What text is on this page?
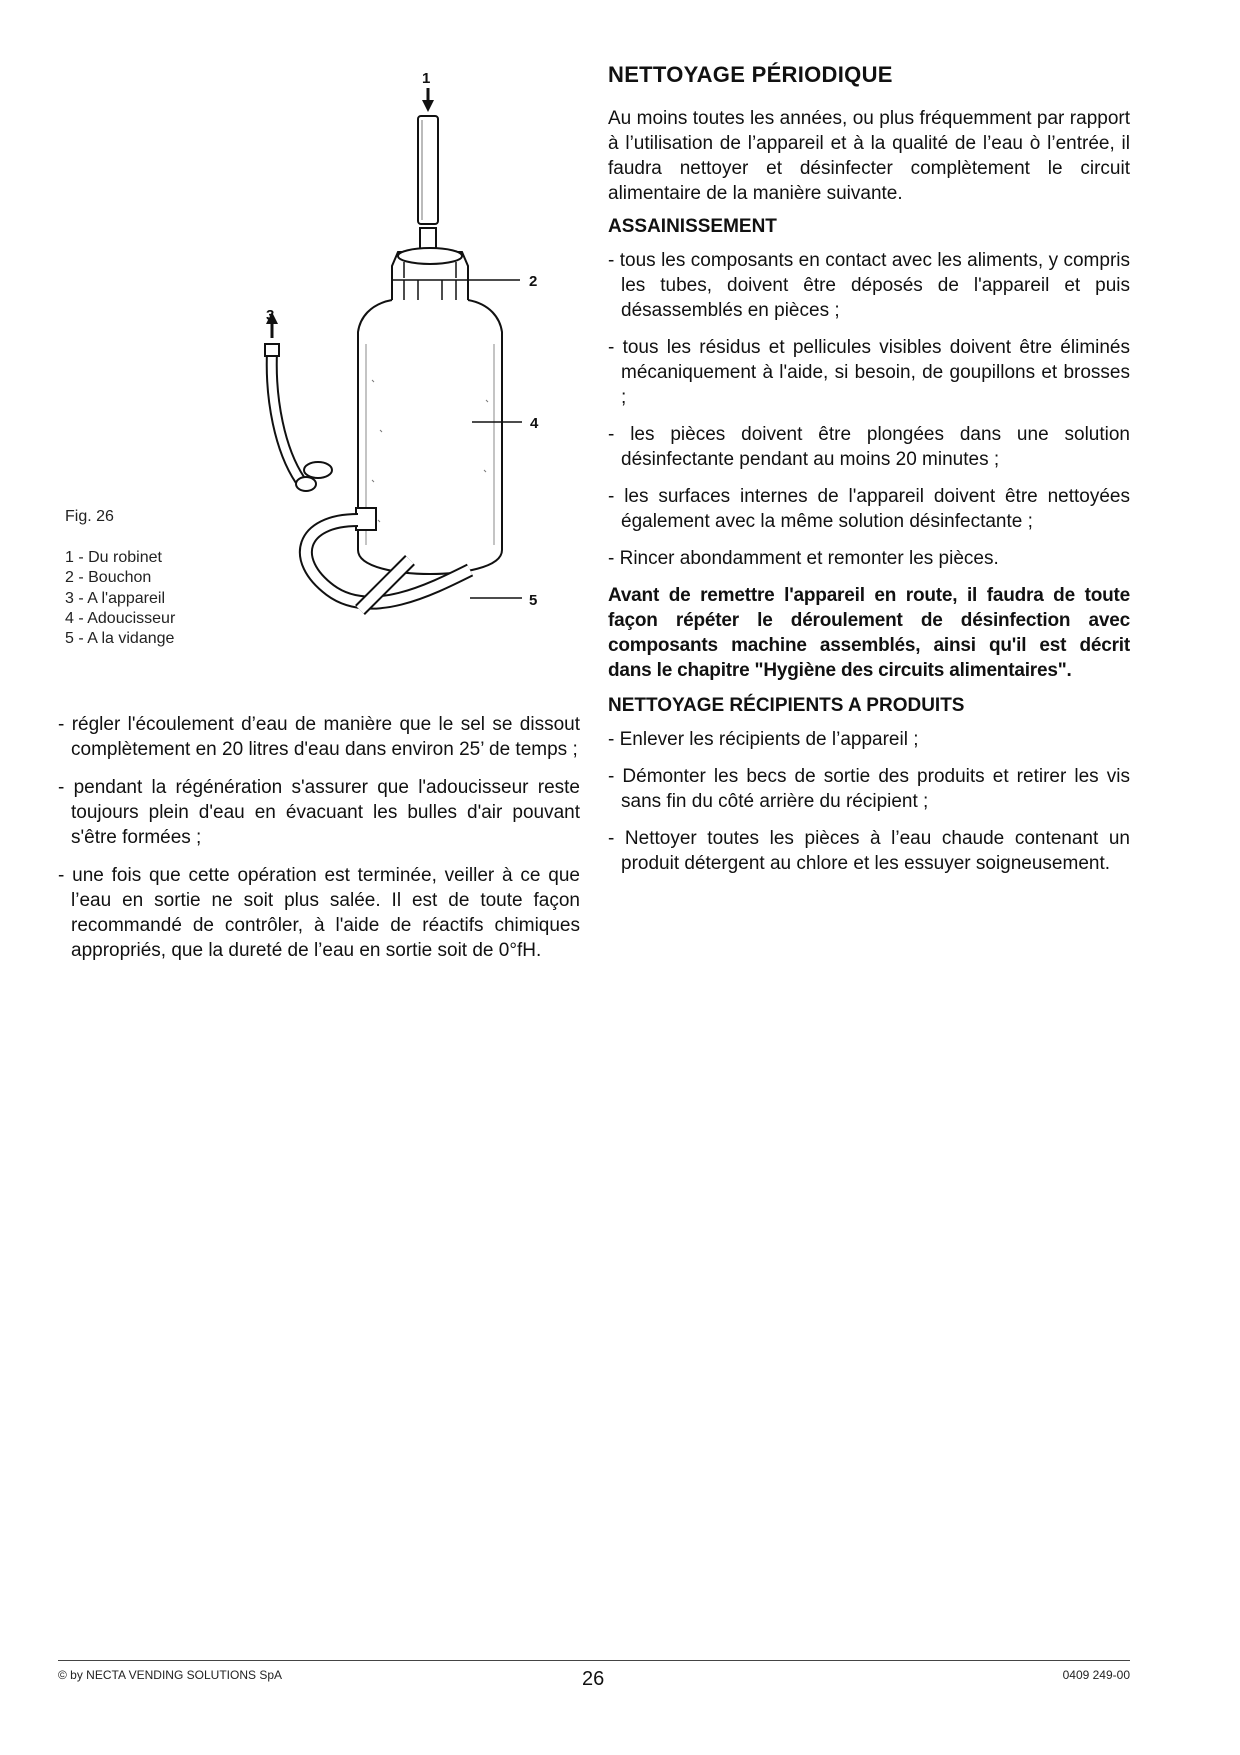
1
2
3
4
5
Fig. 26
1 - Du robinet
2 - Bouchon
3 - A l'appareil
4 - Adoucisseur
5 - A la vidange

- régler l'écoulement d’eau de manière que le sel se dissout complètement en 20 litres d'eau dans environ 25’ de temps ;

- pendant la régénération s'assurer que l'adoucisseur reste toujours plein d'eau en évacuant les bulles d'air pouvant s'être formées ;

- une fois que cette opération est terminée, veiller à ce que l’eau en sortie ne soit plus salée. Il est de toute façon recommandé de contrôler, à l'aide de réactifs chimiques appropriés, que la dureté de l’eau en sortie soit de 0°fH.

NETTOYAGE PÉRIODIQUE

Au moins toutes les années, ou plus fréquemment par rapport à l’utilisation de l’appareil et à la qualité de l’eau ò l’entrée, il faudra nettoyer et désinfecter complètement le circuit alimentaire de la manière suivante.

ASSAINISSEMENT

- tous les composants en contact avec les aliments, y compris les tubes, doivent être déposés de l'appareil et puis désassemblés en pièces ;

- tous les résidus et pellicules visibles doivent être éliminés mécaniquement à l'aide, si besoin, de goupillons et brosses ;

- les pièces doivent être plongées dans une solution désinfectante pendant au moins 20 minutes ;

- les surfaces internes de l'appareil doivent être nettoyées également avec la même solution désinfectante ;

- Rincer abondamment et remonter les pièces.

Avant de remettre l'appareil en route, il faudra de toute façon répéter le déroulement de désinfection avec composants machine assemblés, ainsi qu'il est décrit dans le chapitre "Hygiène des circuits alimentaires".

NETTOYAGE RÉCIPIENTS A PRODUITS

- Enlever les récipients de l’appareil ;

- Démonter les becs de sortie des produits et retirer les vis sans fin du côté arrière du récipient ;

- Nettoyer toutes les pièces à l’eau chaude contenant un produit détergent au chlore et les essuyer soigneusement.

© by NECTA VENDING SOLUTIONS SpA	26	0409 249-00
